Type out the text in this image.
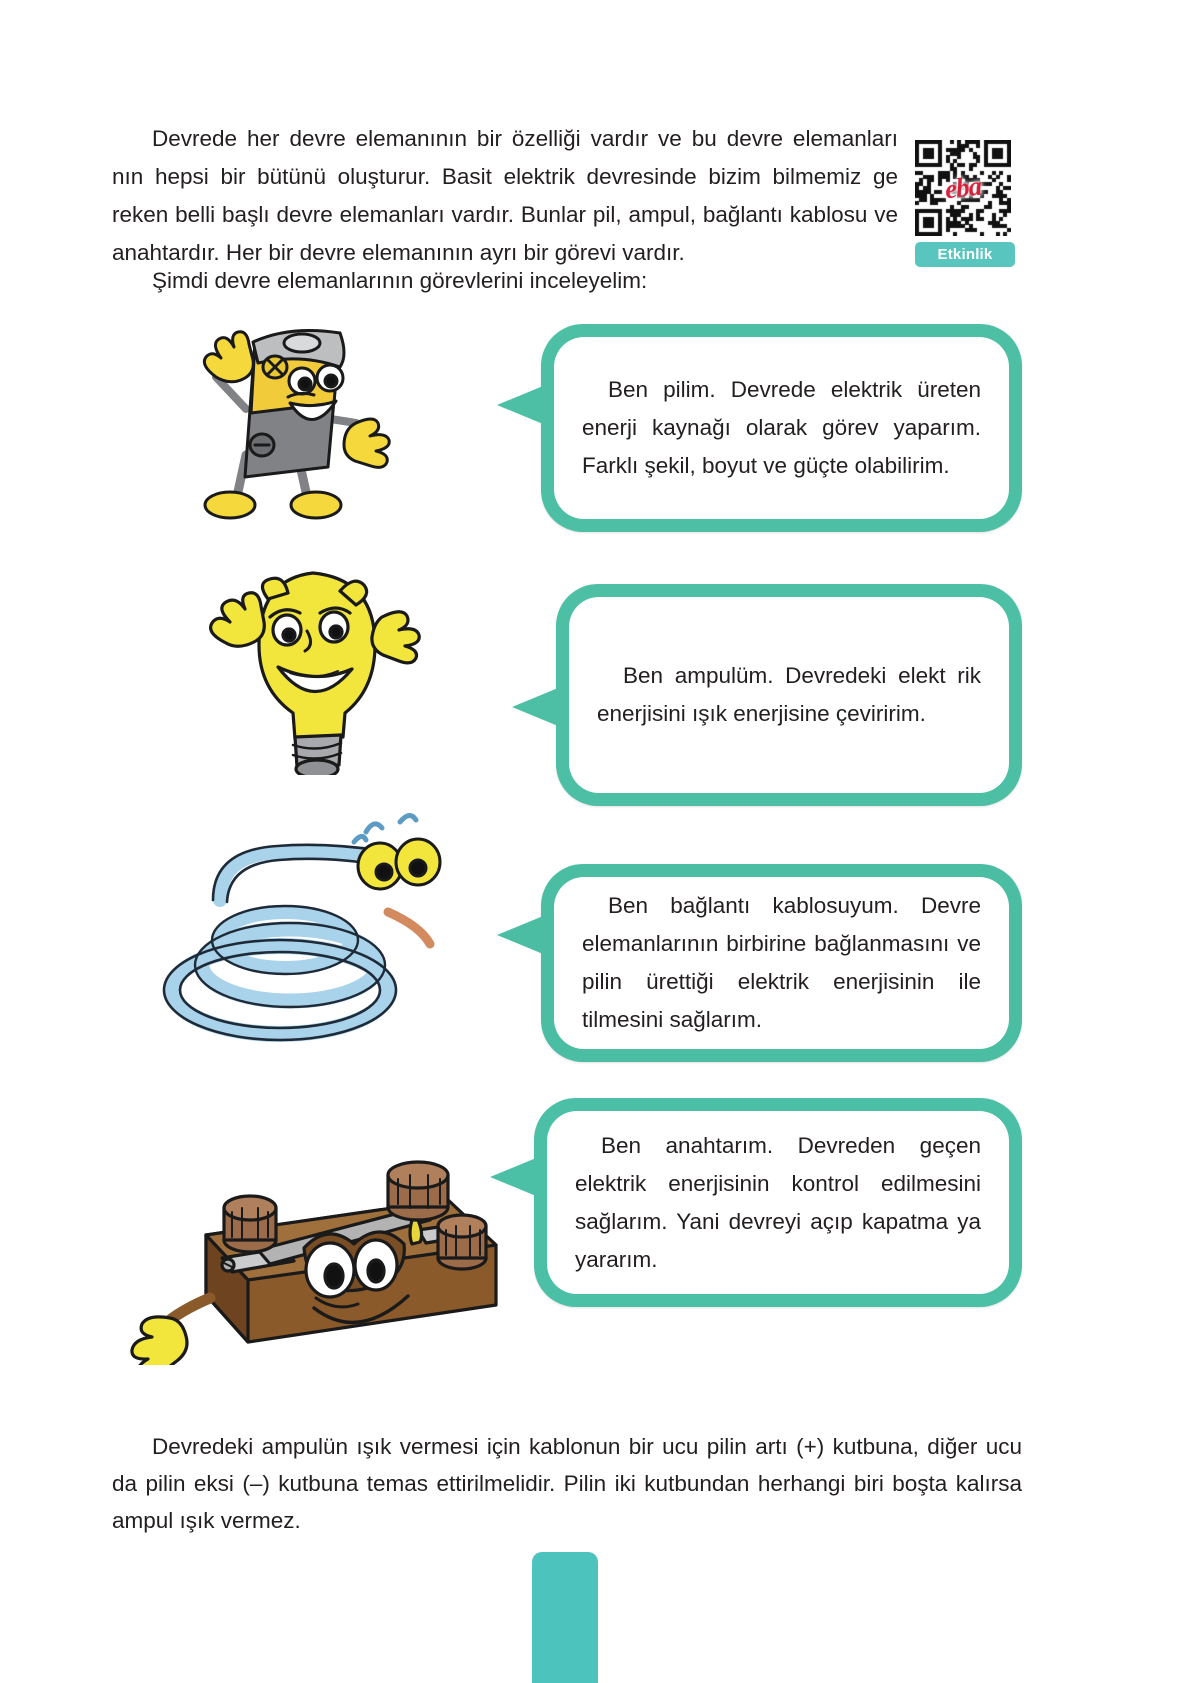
Devrede her devre elemanının bir özelliği vardır ve bu devre elemanları nın hepsi bir bütünü oluşturur. Basit elektrik devresinde bizim bilmemiz ge reken belli başlı devre elemanları vardır. Bunlar pil, ampul, bağlantı kablosu ve anahtardır. Her bir devre elemanının ayrı bir görevi vardır.
Şimdi devre elemanlarının görevlerini inceleyelim:
eba
Etkinlik

Ben pilim. Devrede elektrik üreten enerji kaynağı olarak görev yaparım. Farklı şekil, boyut ve güçte olabilirim.

Ben ampulüm. Devredeki elekt rik enerjisini ışık enerjisine çeviririm.

Ben bağlantı kablosuyum. Devre elemanlarının birbirine bağlanmasını ve pilin ürettiği elektrik enerjisinin ile tilmesini sağlarım.

Ben anahtarım. Devreden geçen elektrik enerjisinin kontrol edilmesini sağlarım. Yani devreyi açıp kapatma ya yararım.

Devredeki ampulün ışık vermesi için kablonun bir ucu pilin artı (+) kutbuna, diğer ucu da pilin eksi (–) kutbuna temas ettirilmelidir. Pilin iki kutbundan herhangi biri boşta kalırsa ampul ışık vermez.
